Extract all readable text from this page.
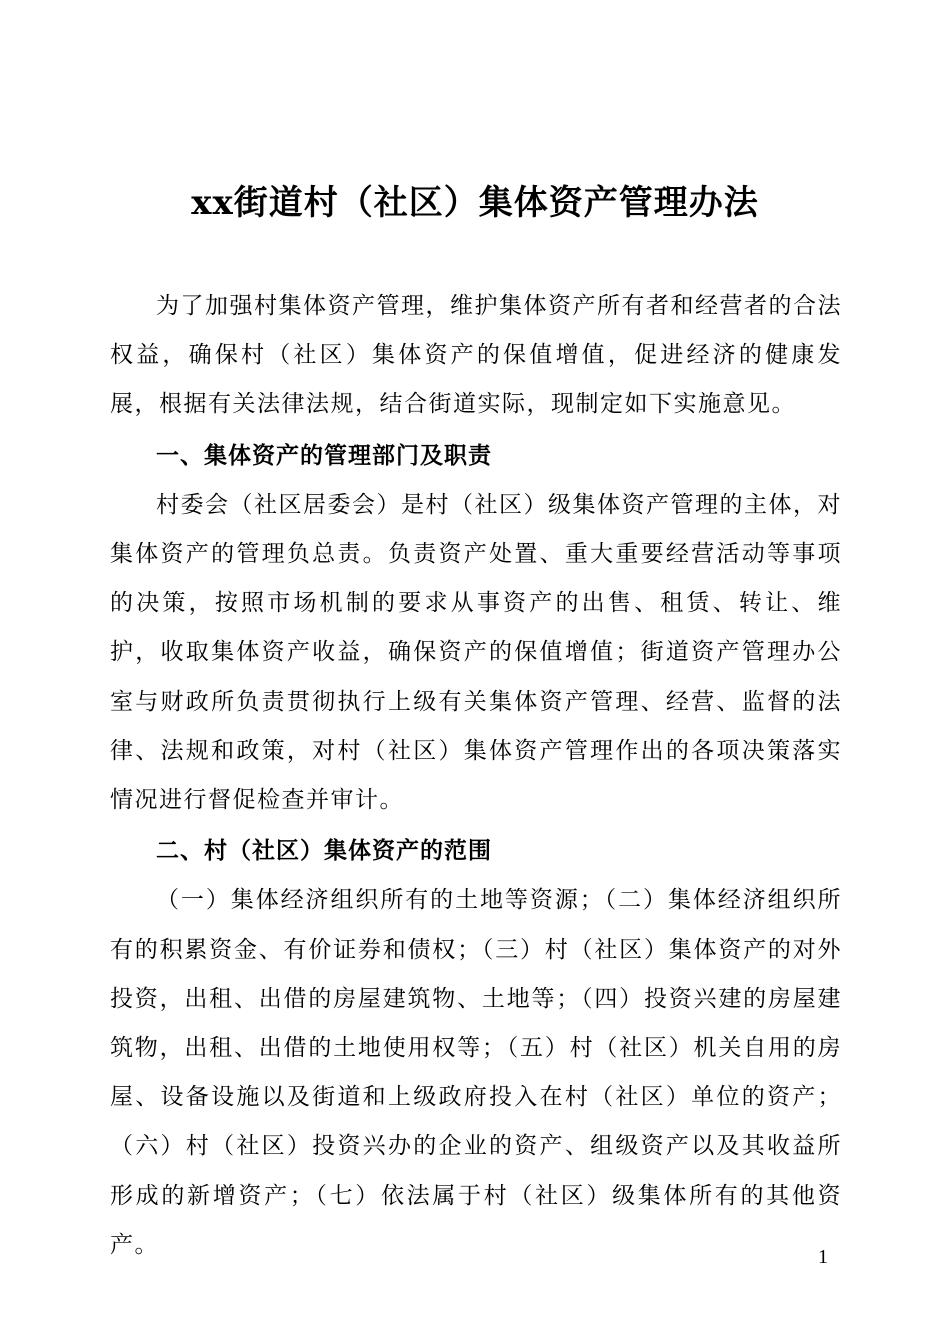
xx街道村（社区）集体资产管理办法

为了加强村集体资产管理，维护集体资产所有者和经营者的合法权益，确保村（社区）集体资产的保值增值，促进经济的健康发展，根据有关法律法规，结合街道实际，现制定如下实施意见。

一、集体资产的管理部门及职责

村委会（社区居委会）是村（社区）级集体资产管理的主体，对集体资产的管理负总责。负责资产处置、重大重要经营活动等事项的决策，按照市场机制的要求从事资产的出售、租赁、转让、维护，收取集体资产收益，确保资产的保值增值；街道资产管理办公室与财政所负责贯彻执行上级有关集体资产管理、经营、监督的法律、法规和政策，对村（社区）集体资产管理作出的各项决策落实情况进行督促检查并审计。

二、村（社区）集体资产的范围

（一）集体经济组织所有的土地等资源；（二）集体经济组织所有的积累资金、有价证券和债权；（三）村（社区）集体资产的对外投资，出租、出借的房屋建筑物、土地等；（四）投资兴建的房屋建筑物，出租、出借的土地使用权等；（五）村（社区）机关自用的房屋、设备设施以及街道和上级政府投入在村（社区）单位的资产；（六）村（社区）投资兴办的企业的资产、组级资产以及其收益所形成的新增资产；（七）依法属于村（社区）级集体所有的其他资产。	1
